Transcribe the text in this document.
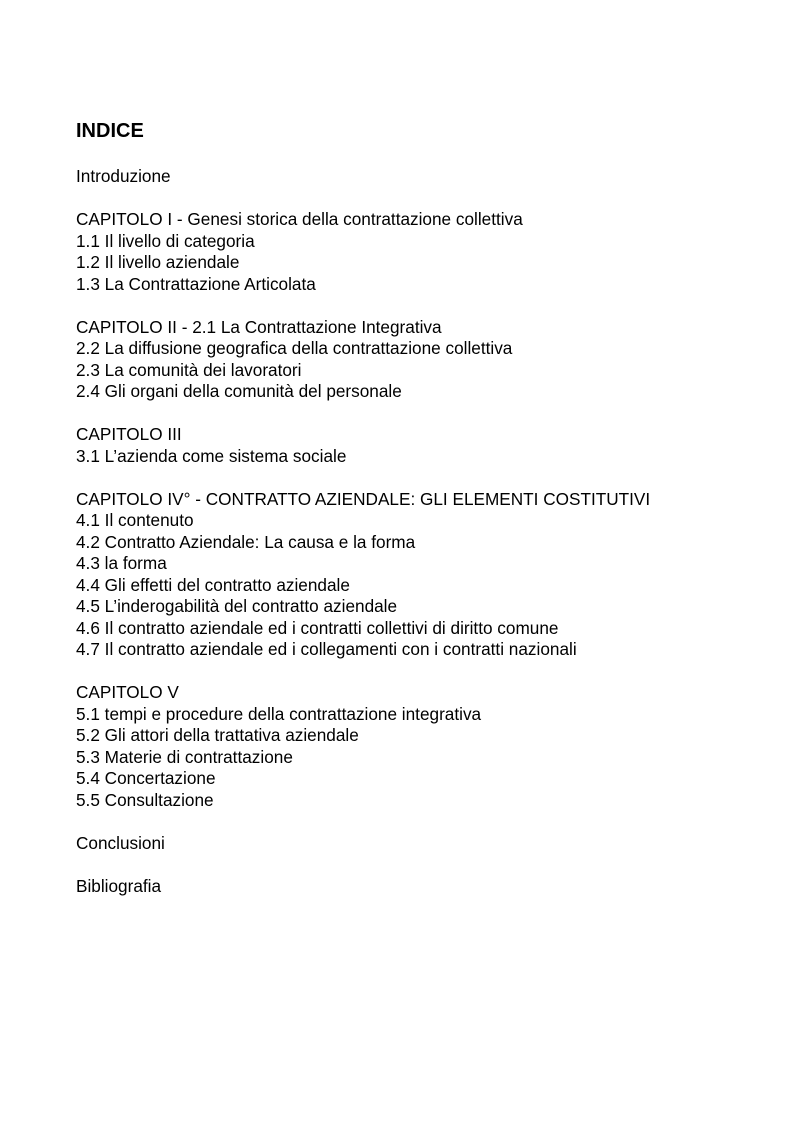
INDICE
Introduzione
CAPITOLO I - Genesi storica della contrattazione collettiva
1.1 Il livello di categoria
1.2 Il livello aziendale
1.3 La Contrattazione Articolata
CAPITOLO II - 2.1 La Contrattazione Integrativa
2.2 La diffusione geografica della contrattazione collettiva
2.3 La comunità dei lavoratori
2.4 Gli organi della comunità del personale
CAPITOLO III
3.1 L’azienda come sistema sociale
CAPITOLO IV° - CONTRATTO AZIENDALE: GLI ELEMENTI COSTITUTIVI
4.1 Il contenuto
4.2 Contratto Aziendale: La causa e la forma
4.3 la forma
4.4 Gli effetti del contratto aziendale
4.5 L’inderogabilità del contratto aziendale
4.6 Il contratto aziendale ed i contratti collettivi di diritto comune
4.7 Il contratto aziendale ed i collegamenti con i contratti nazionali
CAPITOLO V
5.1 tempi e procedure della contrattazione integrativa
5.2 Gli attori della trattativa aziendale
5.3 Materie di contrattazione
5.4 Concertazione
5.5 Consultazione
Conclusioni
Bibliografia
